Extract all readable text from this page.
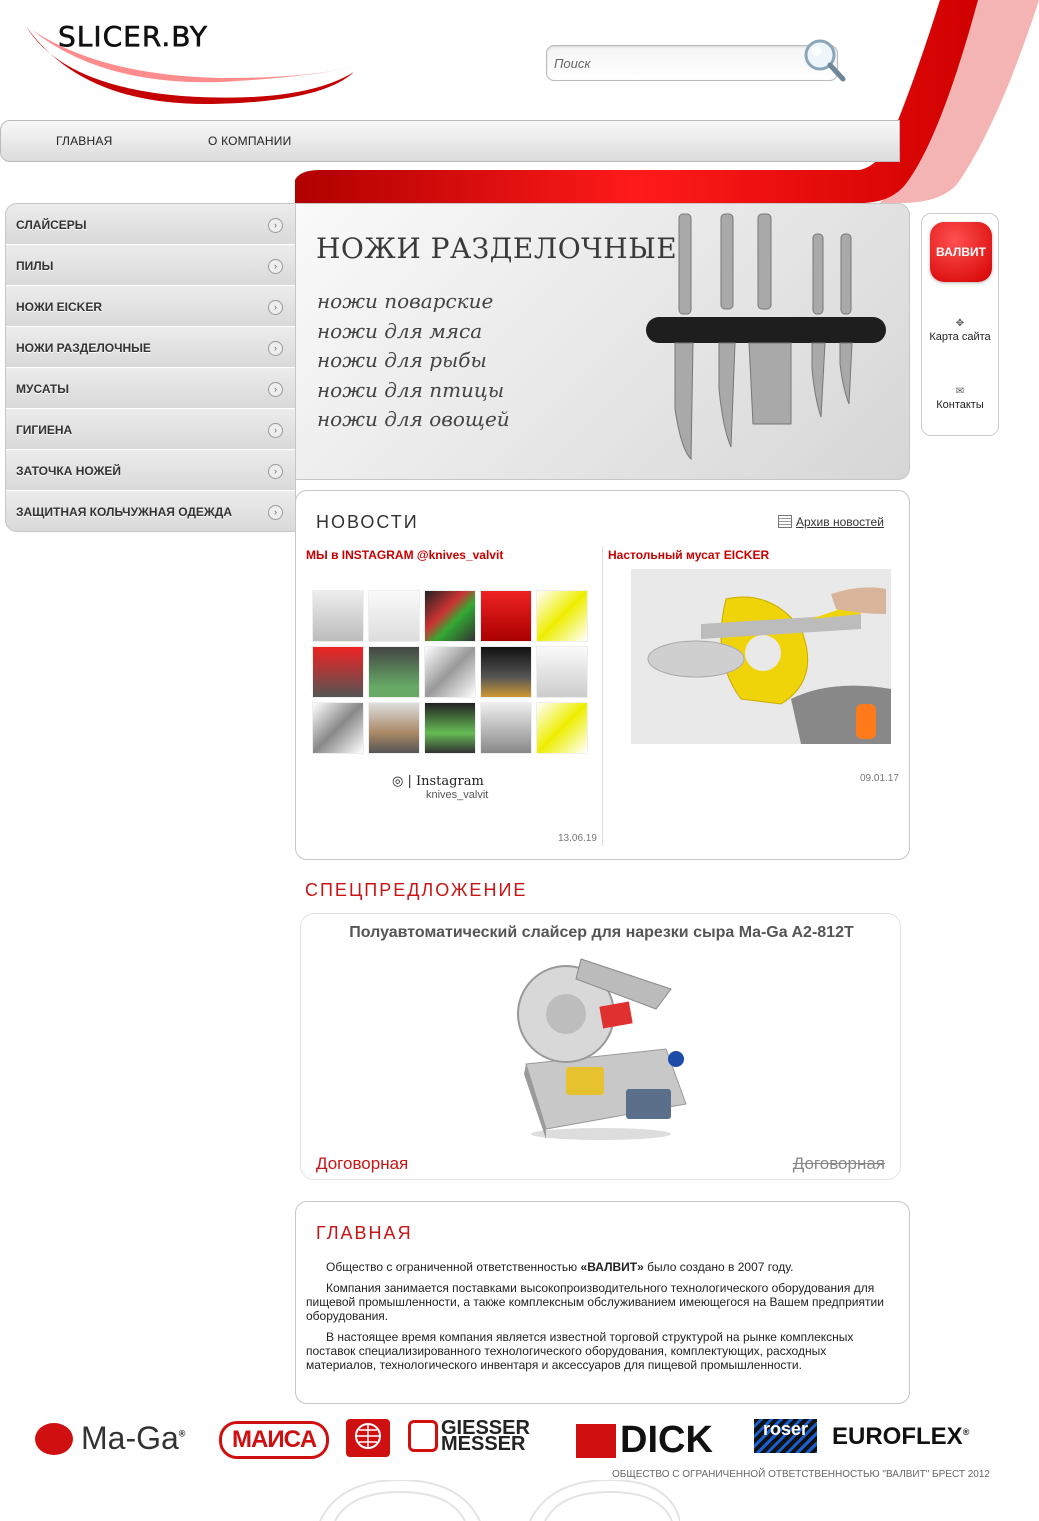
SLICER.BY
Поиск
ГЛАВНАЯ	О КОМПАНИИ
СЛАЙСЕРЫ	›
ПИЛЫ	›
НОЖИ EICKER	›
НОЖИ РАЗДЕЛОЧНЫЕ	›
МУСАТЫ	›
ГИГИЕНА	›
ЗАТОЧКА НОЖЕЙ	›
ЗАЩИТНАЯ КОЛЬЧУЖНАЯ ОДЕЖДА	›
НОЖИ РАЗДЕЛОЧНЫЕ
ножи поварские
ножи для мяса
ножи для рыбы
ножи для птицы
ножи для овощей
ВАЛВИТ
✥
Карта сайта
✉
Контакты
НОВОСТИ	Архив новостей
МЫ в INSTAGRAM @knives_valvit
◎ | Instagram
knives_valvit
13.06.19
Настольный мусат EICKER
09.01.17
СПЕЦПРЕДЛОЖЕНИЕ
Полуавтоматический слайсер для нарезки сыра Ma-Ga A2-812T
Договорная	Договорная
ГЛАВНАЯ

Общество с ограниченной ответственностью «ВАЛВИТ» было создано в 2007 году.

Компания занимается поставками высокопроизводительного технологического оборудования для пищевой промышленности, а также комплексным обслуживанием имеющегося на Вашем предприятии оборудования.

В настоящее время компания является известной торговой структурой на рынке комплексных поставок специализированного технологического оборудования, комплектующих, расходных материалов, технологического инвентаря и аксессуаров для пищевой промышленности.

Ma-Ga®	MAИCA	GIESSER
MESSER	DICK	roser EUROFLEX®
ОБЩЕСТВО С ОГРАНИЧЕННОЙ ОТВЕТСТВЕННОСТЬЮ "ВАЛВИТ" БРЕСТ 2012
